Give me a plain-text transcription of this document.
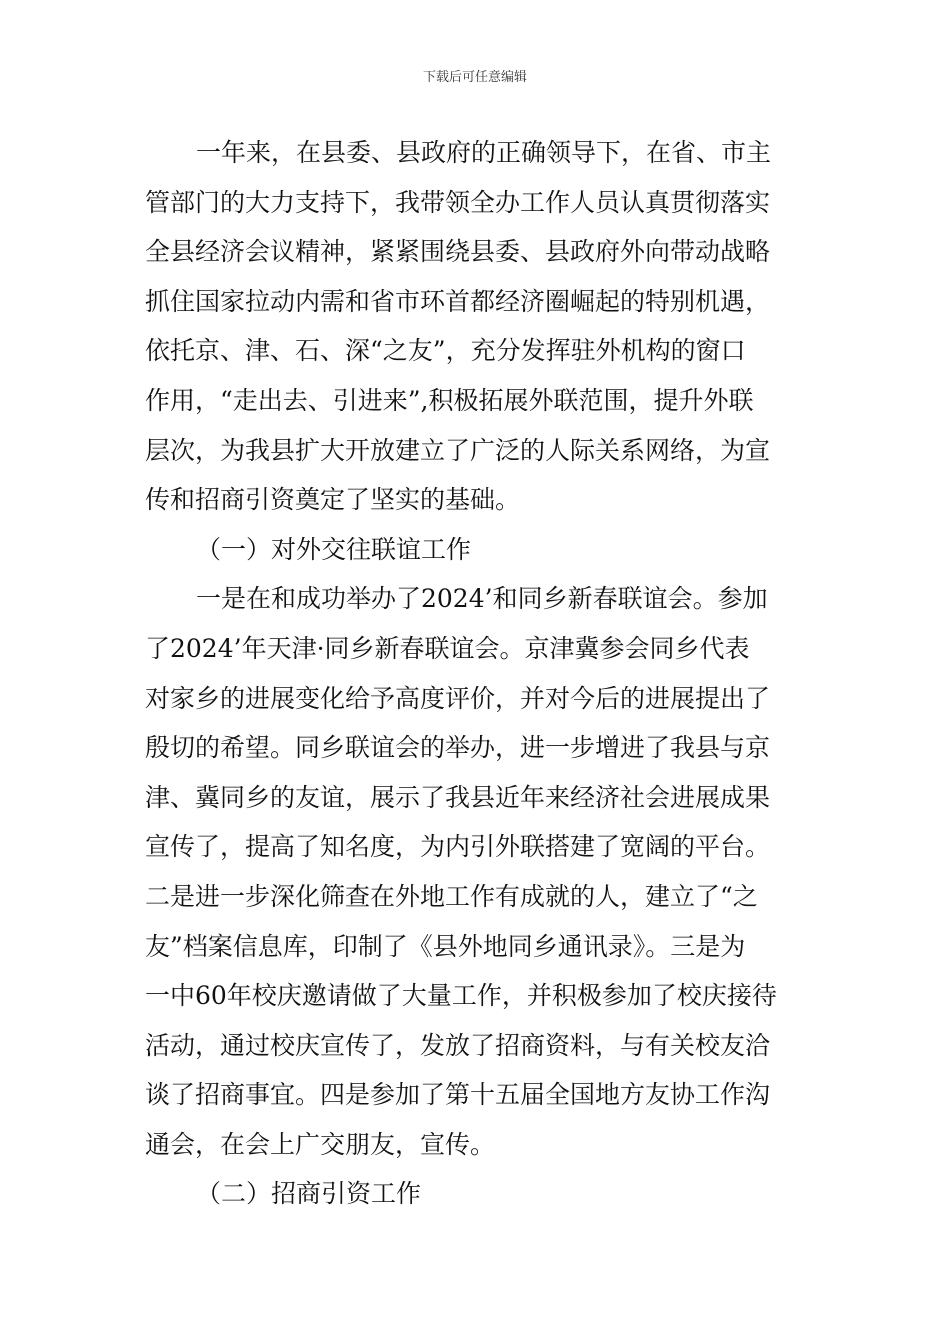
下载后可任意编辑
一年来，在县委、县政府的正确领导下，在省、市主
管部门的大力支持下，我带领全办工作人员认真贯彻落实
全县经济会议精神，紧紧围绕县委、县政府外向带动战略
抓住国家拉动内需和省市环首都经济圈崛起的特别机遇，
依托京、津、石、深“之友”，充分发挥驻外机构的窗口
作用，“走出去、引进来”,积极拓展外联范围，提升外联
层次，为我县扩大开放建立了广泛的人际关系网络，为宣
传和招商引资奠定了坚实的基础。
（一）对外交往联谊工作
一是在和成功举办了2024’和同乡新春联谊会。参加
了2024’年天津·同乡新春联谊会。京津冀参会同乡代表
对家乡的进展变化给予高度评价，并对今后的进展提出了
殷切的希望。同乡联谊会的举办，进一步增进了我县与京
津、冀同乡的友谊，展示了我县近年来经济社会进展成果
宣传了，提高了知名度，为内引外联搭建了宽阔的平台。
二是进一步深化筛查在外地工作有成就的人，建立了“之
友”档案信息库，印制了《县外地同乡通讯录》。三是为
一中60年校庆邀请做了大量工作，并积极参加了校庆接待
活动，通过校庆宣传了，发放了招商资料，与有关校友洽
谈了招商事宜。四是参加了第十五届全国地方友协工作沟
通会，在会上广交朋友，宣传。
（二）招商引资工作
